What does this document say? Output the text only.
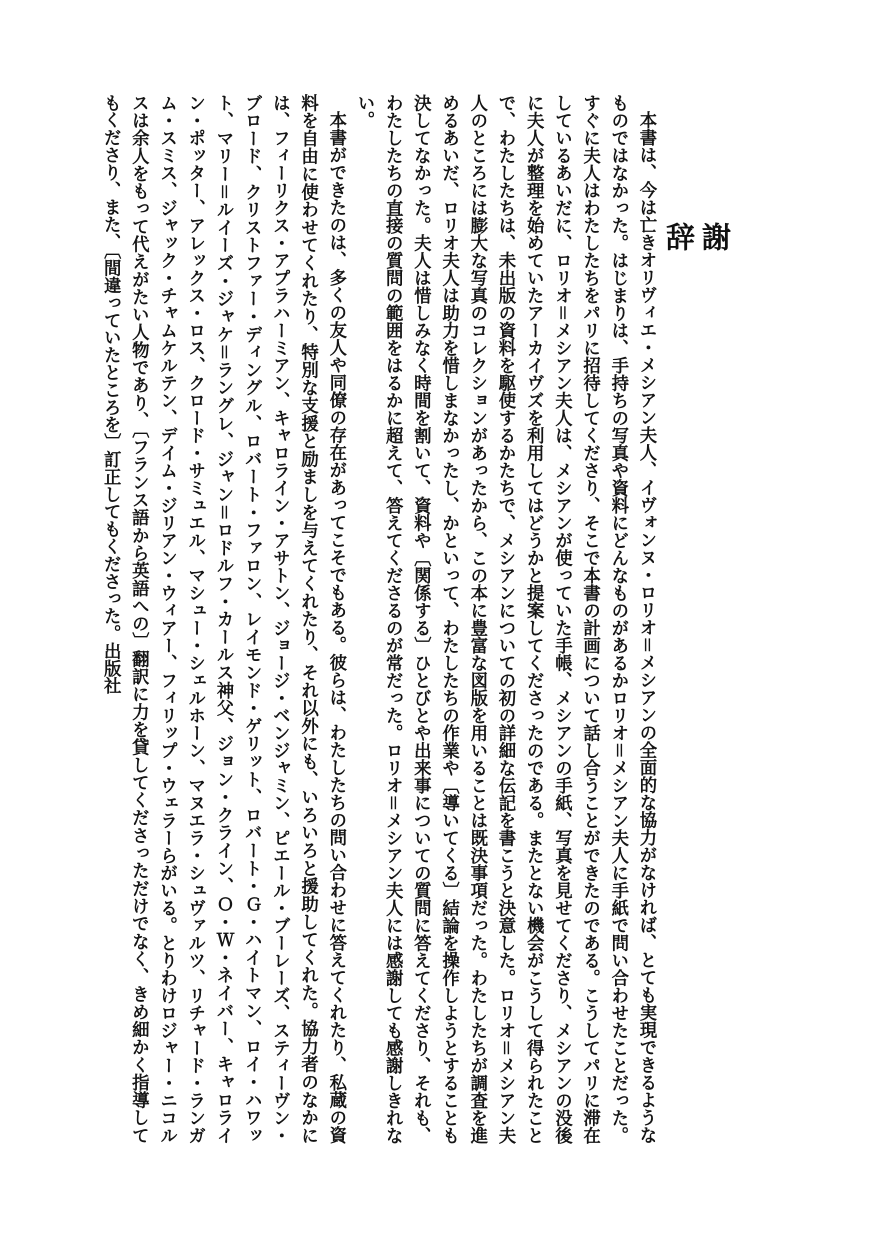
謝　辞

本書は、今は亡きオリヴィエ・メシアン夫人、イヴォンヌ・ロリオ＝メシアンの全面的な協力がなければ、とても実現できるようなものではなかった。はじまりは、手持ちの写真や資料にどんなものがあるかロリオ＝メシアン夫人に手紙で問い合わせたことだった。すぐに夫人はわたしたちをパリに招待してくださり、そこで本書の計画について話し合うことができたのである。こうしてパリに滞在しているあいだに、ロリオ＝メシアン夫人は、メシアンが使っていた手帳、メシアンの手紙、写真を見せてくださり、メシアンの没後に夫人が整理を始めていたアーカイヴズを利用してはどうかと提案してくださったのである。またとない機会がこうして得られたことで、わたしたちは、未出版の資料を駆使するかたちで、メシアンについての初の詳細な伝記を書こうと決意した。ロリオ＝メシアン夫人のところには膨大な写真のコレクションがあったから、この本に豊富な図版を用いることは既決事項だった。わたしたちが調査を進めるあいだ、ロリオ夫人は助力を惜しまなかったし、かといって、わたしたちの作業や〔導いてくる〕結論を操作しようとすることも決してなかった。夫人は惜しみなく時間を割いて、資料や〔関係する〕ひとびとや出来事についての質問に答えてくださり、それも、わたしたちの直接の質問の範囲をはるかに超えて、答えてくださるのが常だった。ロリオ＝メシアン夫人には感謝しても感謝しきれない。

本書ができたのは、多くの友人や同僚の存在があってこそでもある。彼らは、わたしたちの問い合わせに答えてくれたり、私蔵の資料を自由に使わせてくれたり、特別な支援と励ましを与えてくれたり、それ以外にも、いろいろと援助してくれた。協力者のなかには、フィーリクス・アプラハーミアン、キャロライン・アサトン、ジョージ・ベンジャミン、ピエール・ブーレーズ、スティーヴン・ブロード、クリストファー・ディングル、ロバート・ファロン、レイモンド・ゲリット、ロバート・Ｇ・ハイトマン、ロイ・ハワット、マリー＝ルイーズ・ジャケ＝ラングレ、ジャン＝ロドルフ・カールス神父、ジョン・クライン、Ｏ・Ｗ・ネイバー、キャロライン・ポッター、アレックス・ロス、クロード・サミュエル、マシュー・シェルホーン、マヌエラ・シュヴァルツ、リチャード・ランガム・スミス、ジャック・チャムケルテン、デイム・ジリアン・ウィアー、フィリップ・ウェラーらがいる。とりわけロジャー・ニコルスは余人をもって代えがたい人物であり、〔フランス語から英語への〕翻訳に力を貸してくださっただけでなく、きめ細かく指導してもくださり、また、〔間違っていたところを〕訂正してもくださった。出版社
